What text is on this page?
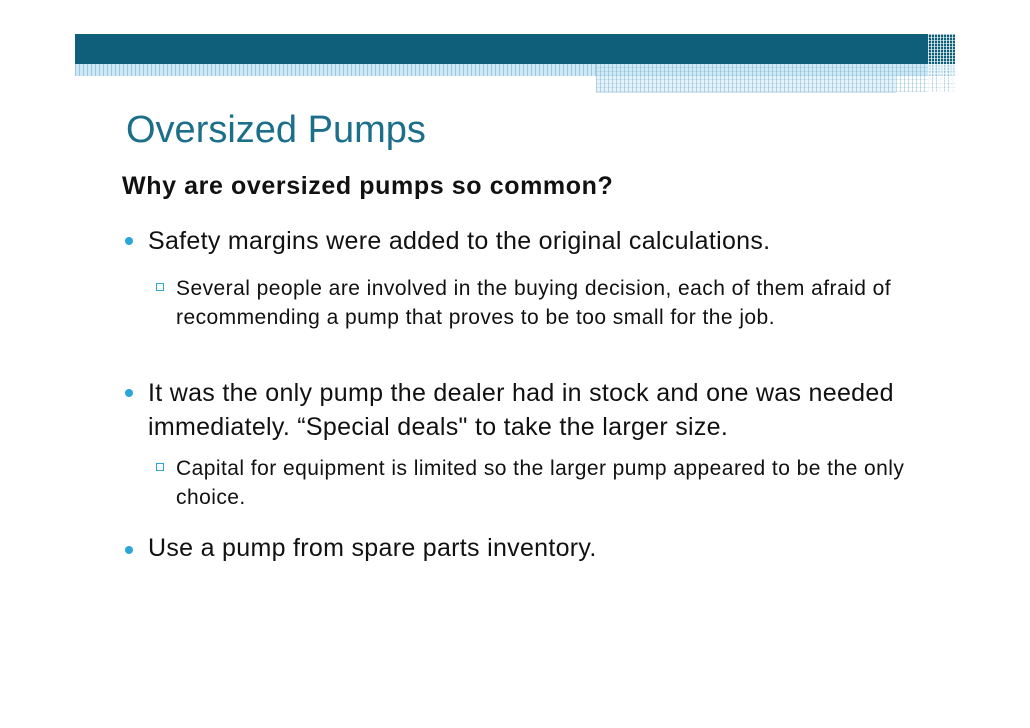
Oversized Pumps
Why are oversized pumps so common?

Safety margins were added to the original calculations.

Several people are involved in the buying decision, each of them afraid of recommending a pump that proves to be too small for the job.

It was the only pump the dealer had in stock and one was needed immediately. “Special deals" to take the larger size.

Capital for equipment is limited so the larger pump appeared to be the only choice.

Use a pump from spare parts inventory.
